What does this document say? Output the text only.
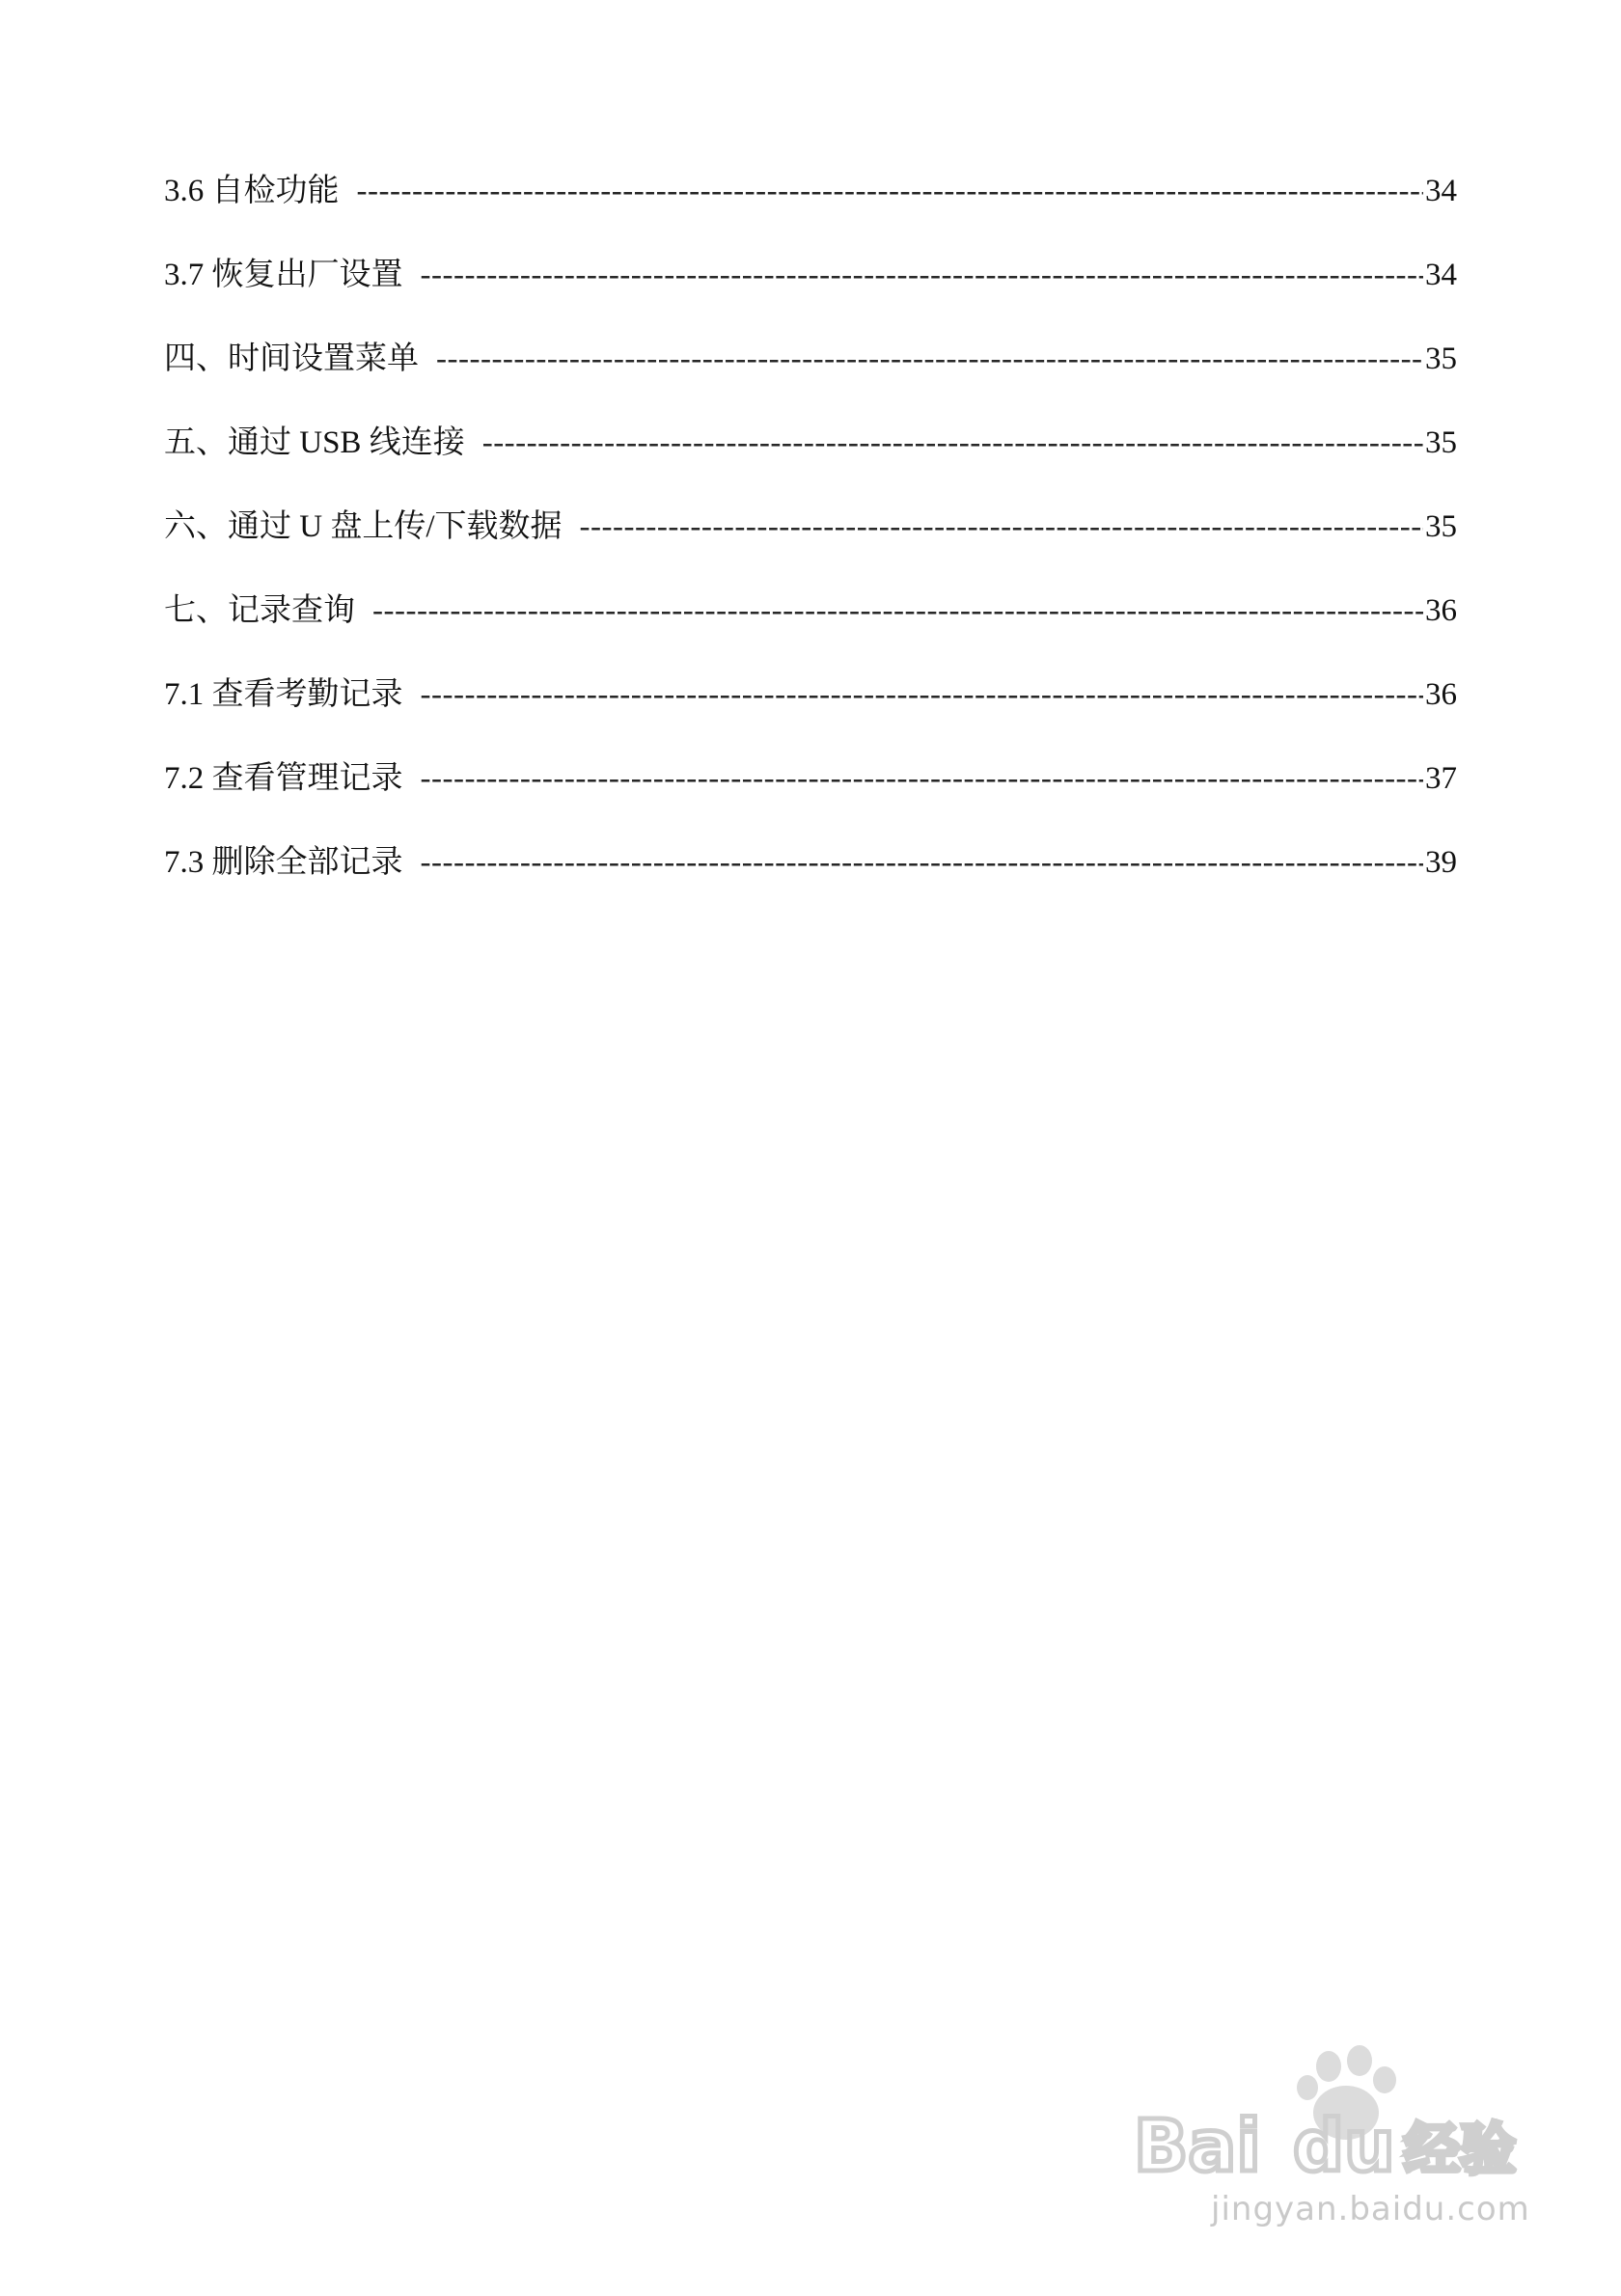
3.6 自检功能 -----	34
3.7 恢复出厂设置 -----	34
四、时间设置菜单 -----	35
五、通过 USB 线连接 -----	35
六、通过 U 盘上传/下载数据 -----	35
七、记录查询 -----	36
7.1 查看考勤记录 -----	36
7.2 查看管理记录 -----	37
7.3 删除全部记录 -----	39
Bai du 经验
jingyan.baidu.com
